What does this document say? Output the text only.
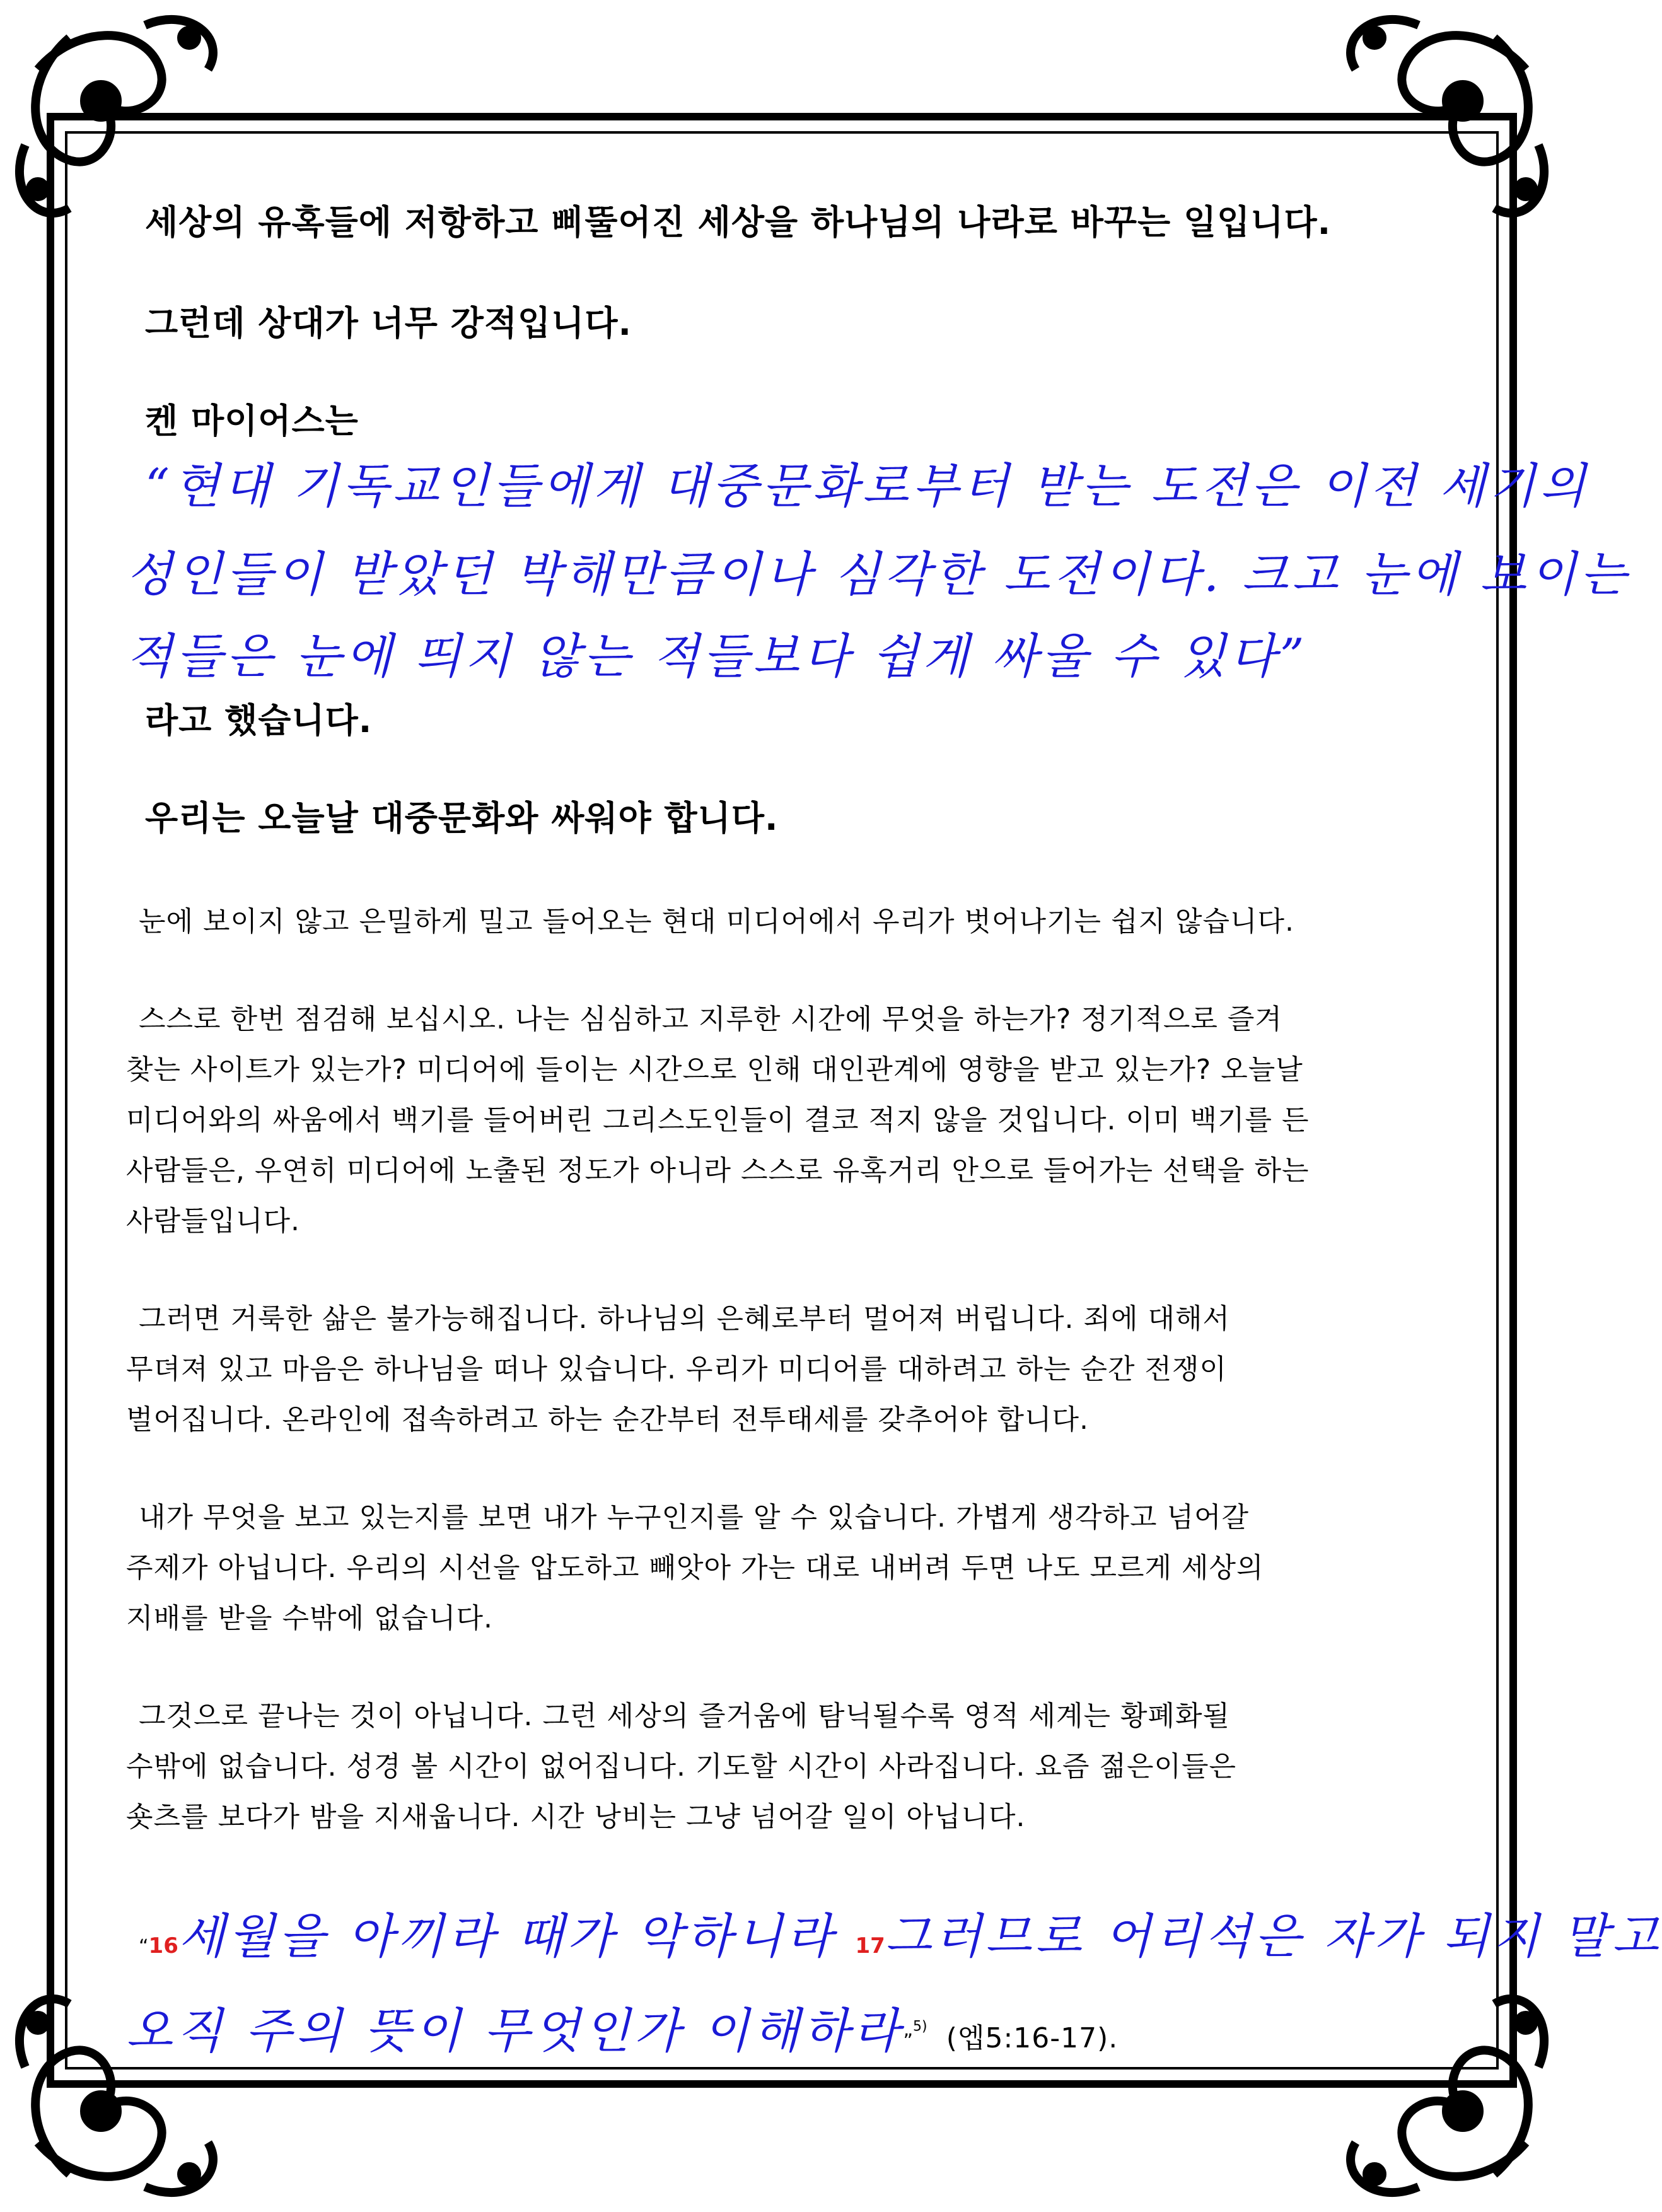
세상의 유혹들에 저항하고 삐뚤어진 세상을 하나님의 나라로 바꾸는 일입니다.
그런데 상대가 너무 강적입니다.
켄 마이어스는
“현대 기독교인들에게 대중문화로부터 받는 도전은 이전 세기의
성인들이 받았던 박해만큼이나 심각한 도전이다. 크고 눈에 보이는
적들은 눈에 띄지 않는 적들보다 쉽게 싸울 수 있다”
라고 했습니다.
우리는 오늘날 대중문화와 싸워야 합니다.
눈에 보이지 않고 은밀하게 밀고 들어오는 현대 미디어에서 우리가 벗어나기는 쉽지 않습니다.
스스로 한번 점검해 보십시오. 나는 심심하고 지루한 시간에 무엇을 하는가? 정기적으로 즐겨
찾는 사이트가 있는가? 미디어에 들이는 시간으로 인해 대인관계에 영향을 받고 있는가? 오늘날
미디어와의 싸움에서 백기를 들어버린 그리스도인들이 결코 적지 않을 것입니다. 이미 백기를 든
사람들은, 우연히 미디어에 노출된 정도가 아니라 스스로 유혹거리 안으로 들어가는 선택을 하는
사람들입니다.
그러면 거룩한 삶은 불가능해집니다. 하나님의 은혜로부터 멀어져 버립니다. 죄에 대해서
무뎌져 있고 마음은 하나님을 떠나 있습니다. 우리가 미디어를 대하려고 하는 순간 전쟁이
벌어집니다. 온라인에 접속하려고 하는 순간부터 전투태세를 갖추어야 합니다.
내가 무엇을 보고 있는지를 보면 내가 누구인지를 알 수 있습니다. 가볍게 생각하고 넘어갈
주제가 아닙니다. 우리의 시선을 압도하고 빼앗아 가는 대로 내버려 두면 나도 모르게 세상의
지배를 받을 수밖에 없습니다.
그것으로 끝나는 것이 아닙니다. 그런 세상의 즐거움에 탐닉될수록 영적 세계는 황폐화될
수밖에 없습니다. 성경 볼 시간이 없어집니다. 기도할 시간이 사라집니다. 요즘 젊은이들은
숏츠를 보다가 밤을 지새웁니다. 시간 낭비는 그냥 넘어갈 일이 아닙니다.
“16세월을 아끼라 때가 악하니라 17그러므로 어리석은 자가 되지 말고
오직 주의 뜻이 무엇인가 이해하라”$^{5)}$ (엡5:16-17).
